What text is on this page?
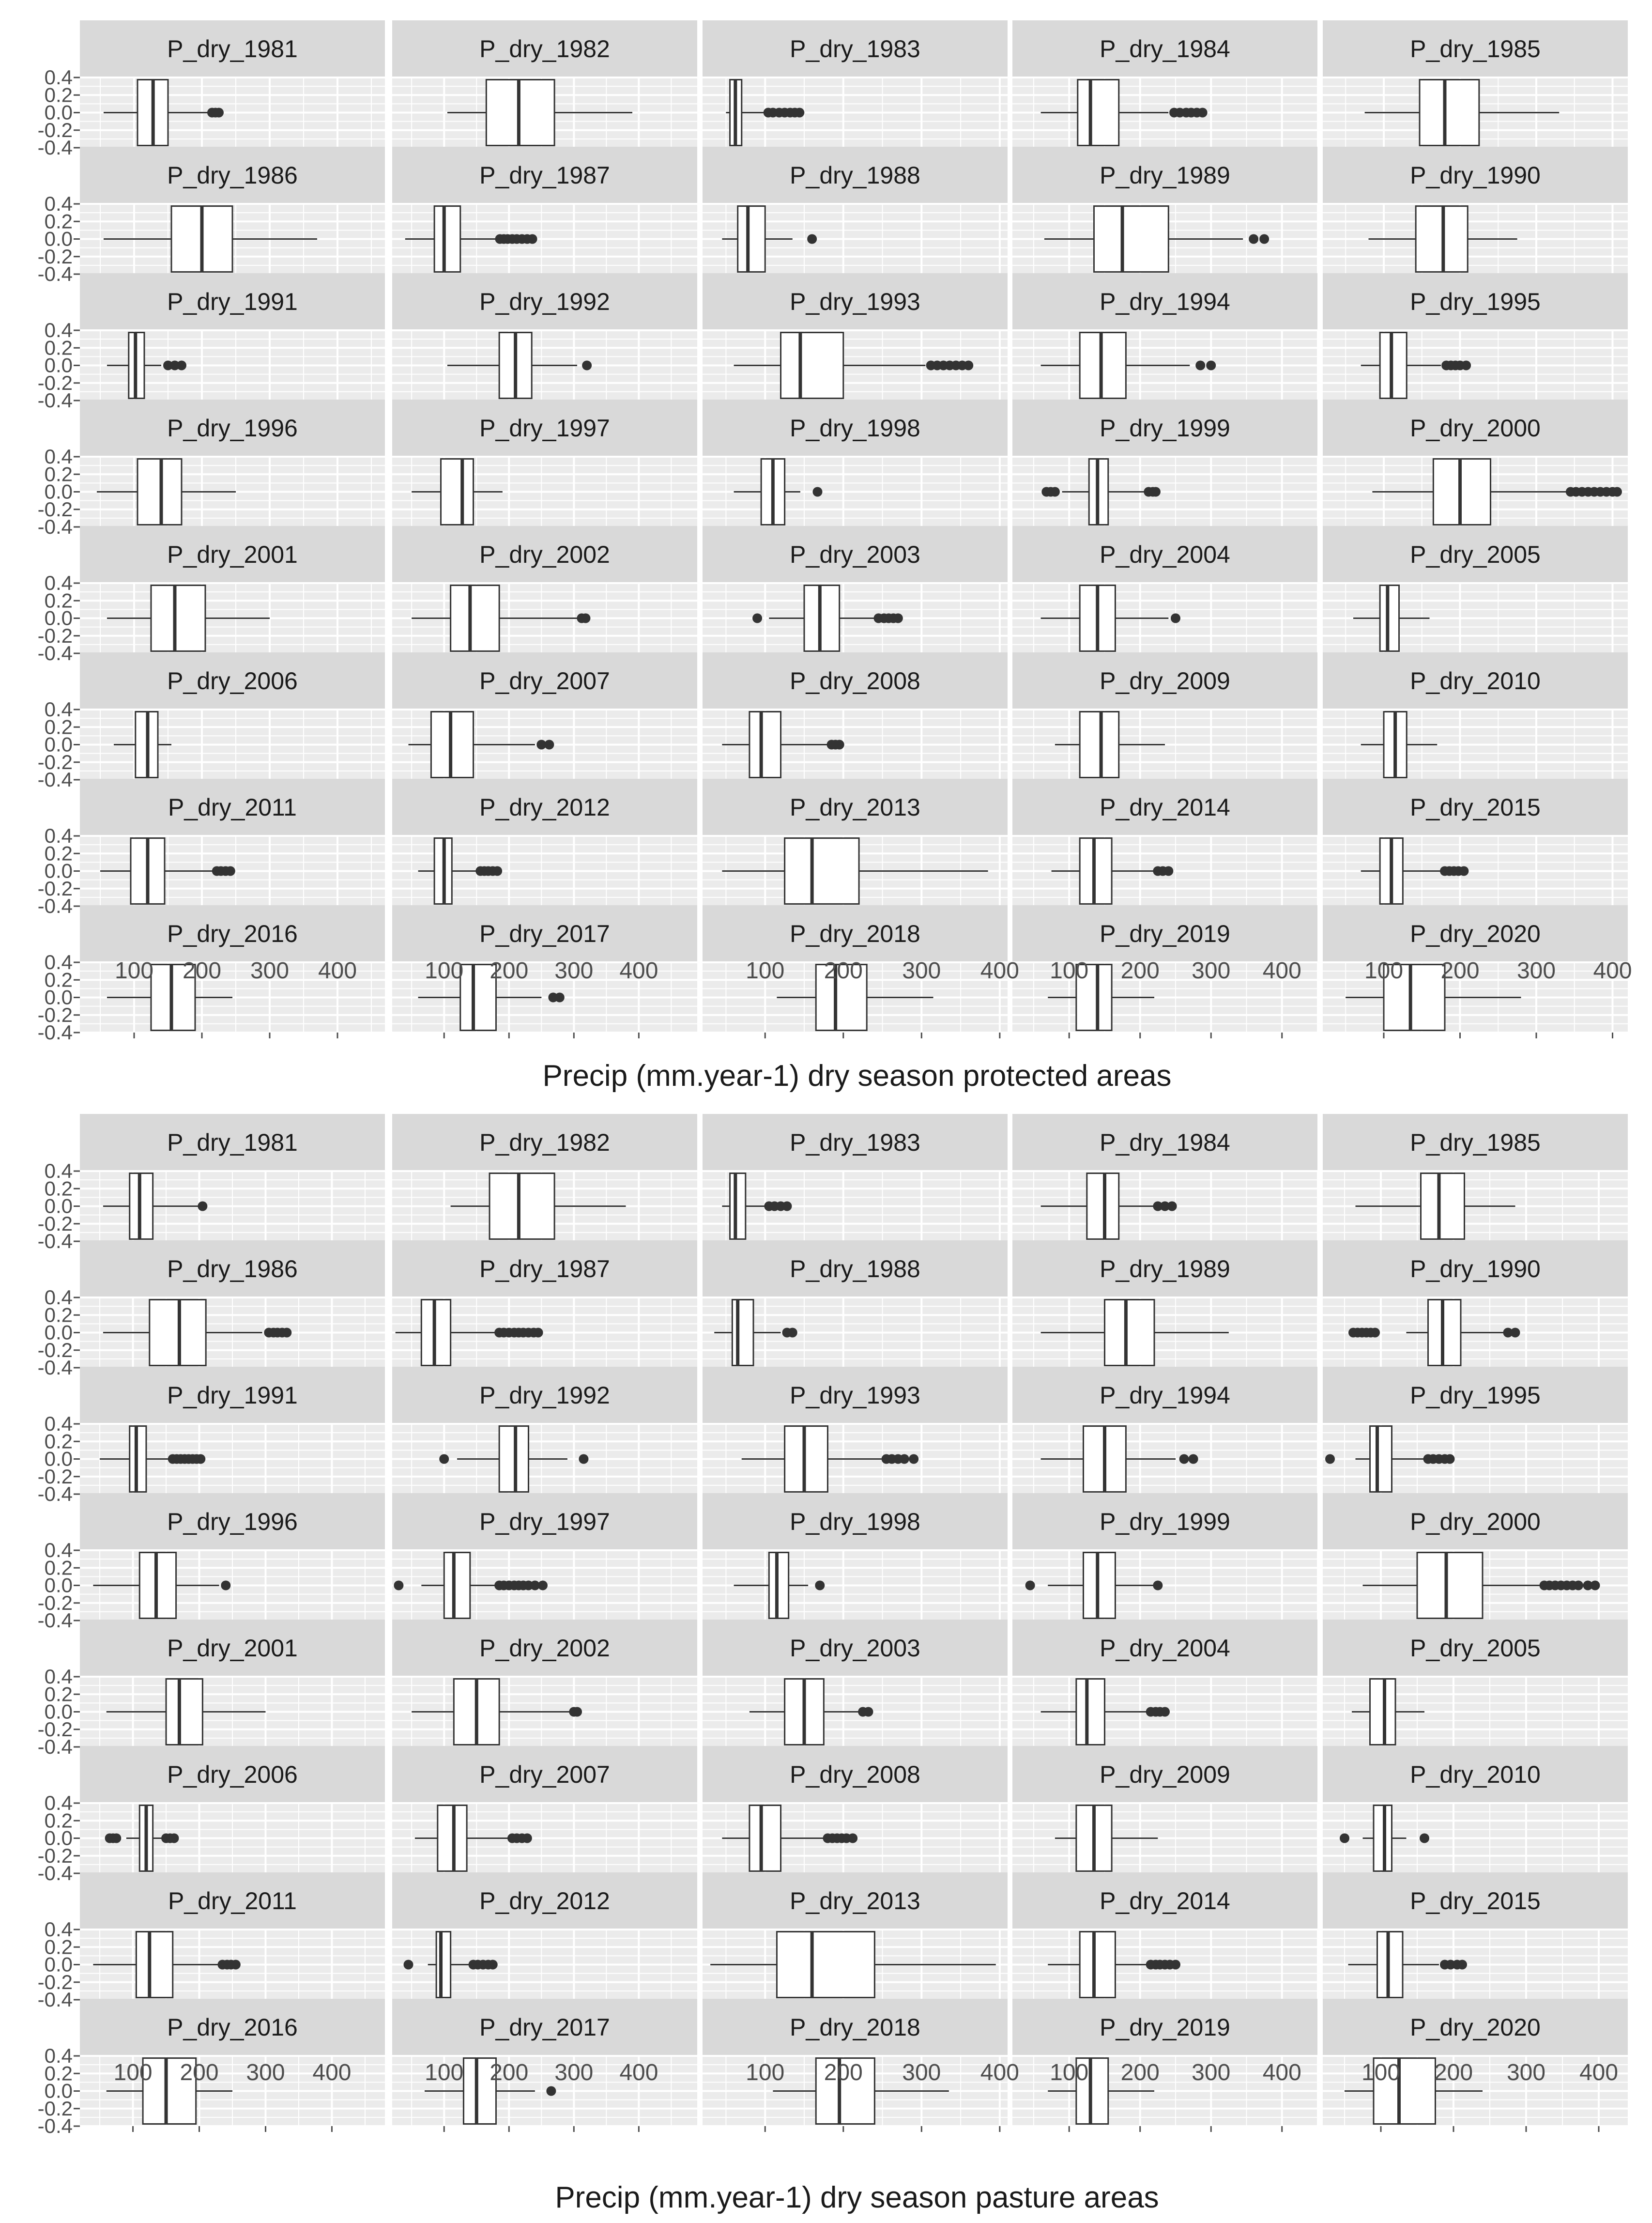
P_dry_1981
0.4
0.2
0.0
-0.2
-0.4
P_dry_1982	P_dry_1983	P_dry_1984	P_dry_1985
P_dry_1986
0.4
0.2
0.0
-0.2
-0.4
P_dry_1987	P_dry_1988	P_dry_1989	P_dry_1990
P_dry_1991
0.4
0.2
0.0
-0.2
-0.4
P_dry_1992	P_dry_1993	P_dry_1994	P_dry_1995
P_dry_1996
0.4
0.2
0.0
-0.2
-0.4
P_dry_1997	P_dry_1998	P_dry_1999	P_dry_2000
P_dry_2001
0.4
0.2
0.0
-0.2
-0.4
P_dry_2002	P_dry_2003	P_dry_2004	P_dry_2005
P_dry_2006
0.4
0.2
0.0
-0.2
-0.4
P_dry_2007	P_dry_2008	P_dry_2009	P_dry_2010
P_dry_2011
0.4
0.2
0.0
-0.2
-0.4
P_dry_2012	P_dry_2013	P_dry_2014	P_dry_2015
P_dry_2016
0.4
0.2
0.0
-0.2
-0.4
P_dry_2017	P_dry_2018	P_dry_2019	P_dry_2020
100 200 300 400	100 200 300 400	100 200 300 400 100 200 300 400	100 200 300 400
Precip (mm.year-1) dry season protected areas
P_dry_1981
0.4
0.2
0.0
-0.2
-0.4
P_dry_1982	P_dry_1983	P_dry_1984	P_dry_1985
P_dry_1986
0.4
0.2
0.0
-0.2
-0.4
P_dry_1987	P_dry_1988	P_dry_1989	P_dry_1990
P_dry_1991
0.4
0.2
0.0
-0.2
-0.4
P_dry_1992	P_dry_1993	P_dry_1994	P_dry_1995
P_dry_1996
0.4
0.2
0.0
-0.2
-0.4
P_dry_1997	P_dry_1998	P_dry_1999	P_dry_2000
P_dry_2001
0.4
0.2
0.0
-0.2
-0.4
P_dry_2002	P_dry_2003	P_dry_2004	P_dry_2005
P_dry_2006
0.4
0.2
0.0
-0.2
-0.4
P_dry_2007	P_dry_2008	P_dry_2009	P_dry_2010
P_dry_2011
0.4
0.2
0.0
-0.2
-0.4
P_dry_2012	P_dry_2013	P_dry_2014	P_dry_2015
P_dry_2016
0.4
0.2
0.0
-0.2
-0.4
P_dry_2017	P_dry_2018	P_dry_2019	P_dry_2020
100 200 300 400	100 200 300 400	100 200 300 400 100 200 300 400	100 200 300 400
Precip (mm.year-1) dry season pasture areas
